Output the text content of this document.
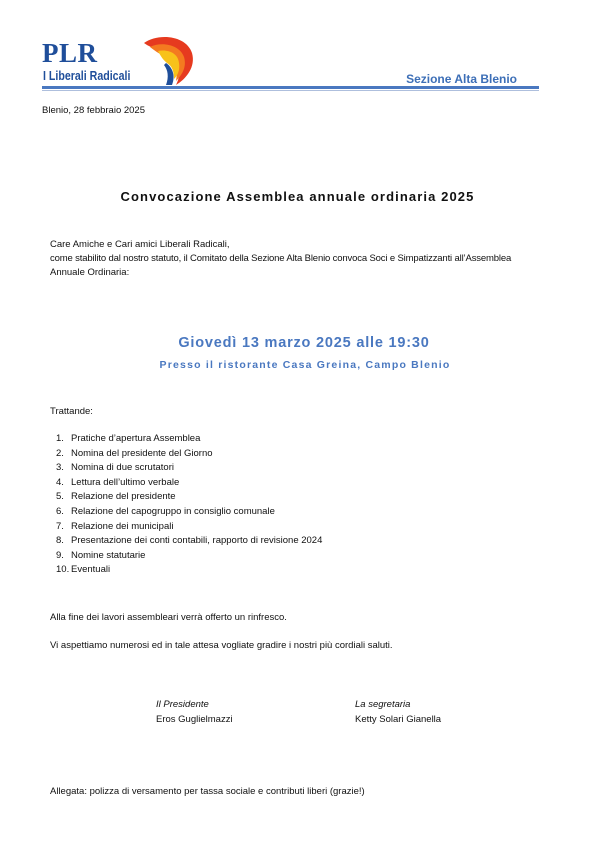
PLR
I Liberali Radicali	Sezione Alta Blenio
Blenio, 28 febbraio 2025
Convocazione Assemblea annuale ordinaria 2025
Care Amiche e Cari amici Liberali Radicali,
come stabilito dal nostro statuto, il Comitato della Sezione Alta Blenio convoca Soci e Simpatizzanti all’Assemblea
Annuale Ordinaria:
Giovedì 13 marzo 2025 alle 19:30
Presso il ristorante Casa Greina, Campo Blenio
Trattande:
1. Pratiche d’apertura Assemblea
2. Nomina del presidente del Giorno
3. Nomina di due scrutatori
4. Lettura dell’ultimo verbale
5. Relazione del presidente
6. Relazione del capogruppo in consiglio comunale
7. Relazione dei municipali
8. Presentazione dei conti contabili, rapporto di revisione 2024
9. Nomine statutarie
10. Eventuali
Alla fine dei lavori assembleari verrà offerto un rinfresco.
Vi aspettiamo numerosi ed in tale attesa vogliate gradire i nostri più cordiali saluti.
Il Presidente
Eros Guglielmazzi
La segretaria
Ketty Solari Gianella
Allegata: polizza di versamento per tassa sociale e contributi liberi (grazie!)
